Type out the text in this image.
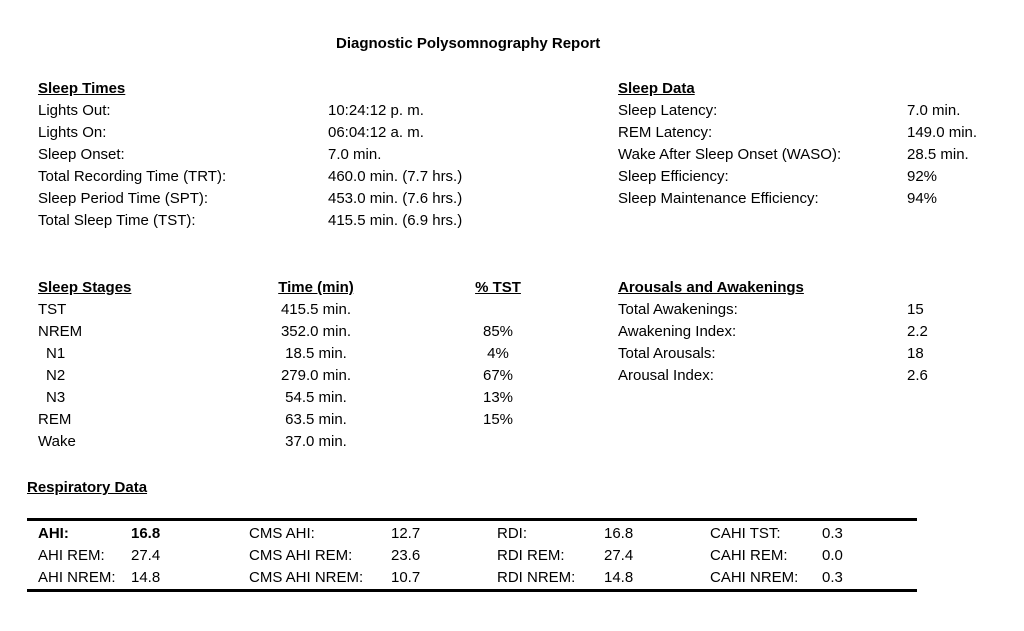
Diagnostic Polysomnography Report
Sleep Times
Lights Out:	10:24:12 p. m.
Lights On:	06:04:12 a. m.
Sleep Onset:	7.0 min.
Total Recording Time (TRT):	460.0 min. (7.7 hrs.)
Sleep Period Time (SPT):	453.0 min. (7.6 hrs.)
Total Sleep Time (TST):	415.5 min. (6.9 hrs.)
Sleep Data
Sleep Latency:	7.0 min.
REM Latency:	149.0 min.
Wake After Sleep Onset (WASO):	28.5 min.
Sleep Efficiency:	92%
Sleep Maintenance Efficiency:	94%
Sleep Stages	Time (min)	% TST
TST	415.5 min.
NREM	352.0 min.	85%
N1	18.5 min.	4%
N2	279.0 min.	67%
N3	54.5 min.	13%
REM	63.5 min.	15%
Wake	37.0 min.
Arousals and Awakenings
Total Awakenings:	15
Awakening Index:	2.2
Total Arousals:	18
Arousal Index:	2.6
Respiratory Data
AHI:	16.8	CMS AHI:	12.7	RDI:	16.8	CAHI TST:	0.3
AHI REM: 27.4	CMS AHI REM:	23.6	RDI REM:	27.4	CAHI REM: 0.0
AHI NREM: 14.8	CMS AHI NREM: 10.7	RDI NREM: 14.8	CAHI NREM: 0.3
